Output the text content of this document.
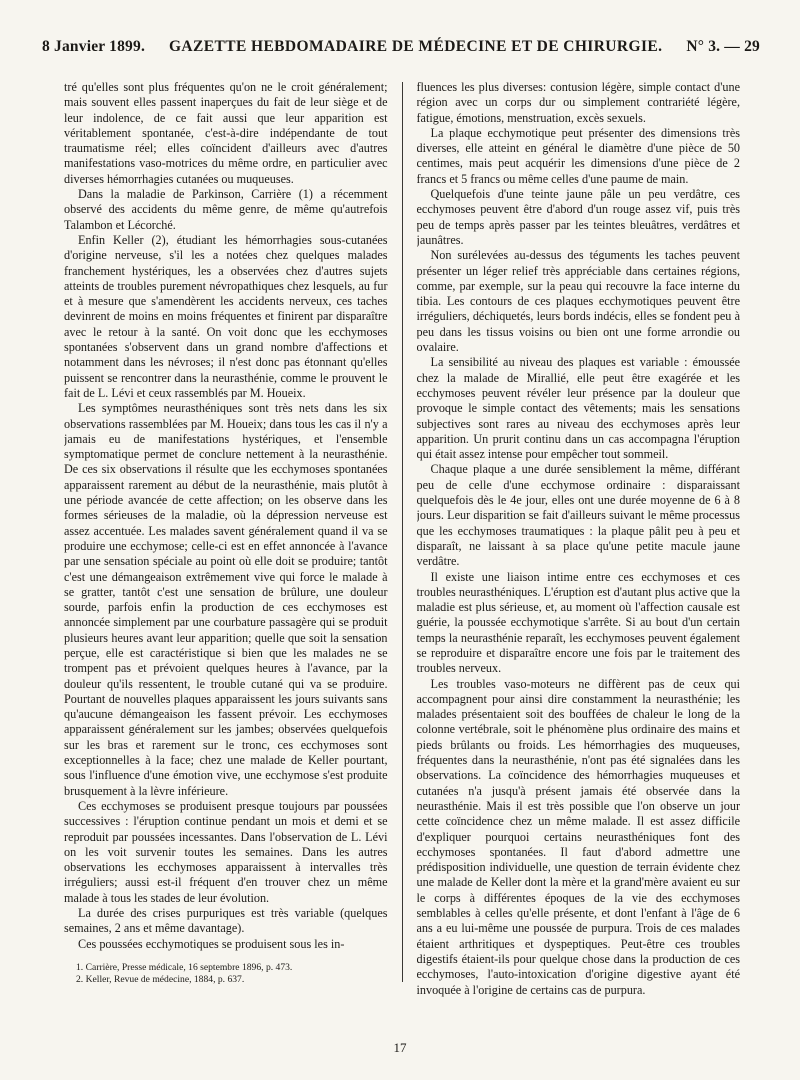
8 Janvier 1899.	GAZETTE HEBDOMADAIRE DE MÉDECINE ET DE CHIRURGIE.	N° 3. — 29

tré qu'elles sont plus fréquentes qu'on ne le croit généralement; mais souvent elles passent inaperçues du fait de leur siège et de leur indolence, de ce fait aussi que leur apparition est véritablement spontanée, c'est-à-dire indépendante de tout traumatisme réel; elles coïncident d'ailleurs avec d'autres manifestations vaso-motrices du même ordre, en particulier avec diverses hémorrhagies cutanées ou muqueuses.

Dans la maladie de Parkinson, Carrière (1) a récemment observé des accidents du même genre, de même qu'autrefois Talambon et Lécorché.

Enfin Keller (2), étudiant les hémorrhagies sous-cutanées d'origine nerveuse, s'il les a notées chez quelques malades franchement hystériques, les a observées chez d'autres sujets atteints de troubles purement névropathiques chez lesquels, au fur et à mesure que s'amendèrent les accidents nerveux, ces taches devinrent de moins en moins fréquentes et finirent par disparaître avec le retour à la santé. On voit donc que les ecchymoses spontanées s'observent dans un grand nombre d'affections et notamment dans les névroses; il n'est donc pas étonnant qu'elles puissent se rencontrer dans la neurasthénie, comme le prouvent le fait de L. Lévi et ceux rassemblés par M. Houeix.

Les symptômes neurasthéniques sont très nets dans les six observations rassemblées par M. Houeix; dans tous les cas il n'y a jamais eu de manifestations hystériques, et l'ensemble symptomatique permet de conclure nettement à la neurasthénie. De ces six observations il résulte que les ecchymoses spontanées apparaissent rarement au début de la neurasthénie, mais plutôt à une période avancée de cette affection; on les observe dans les formes sérieuses de la maladie, où la dépression nerveuse est assez accentuée. Les malades savent généralement quand il va se produire une ecchymose; celle-ci est en effet annoncée à l'avance par une sensation spéciale au point où elle doit se produire; tantôt c'est une démangeaison extrêmement vive qui force le malade à se gratter, tantôt c'est une sensation de brûlure, une douleur sourde, parfois enfin la production de ces ecchymoses est annoncée simplement par une courbature passagère qui se produit plusieurs heures avant leur apparition; quelle que soit la sensation perçue, elle est caractéristique si bien que les malades ne se trompent pas et prévoient quelques heures à l'avance, par la douleur qu'ils ressentent, le trouble cutané qui va se produire. Pourtant de nouvelles plaques apparaissent les jours suivants sans qu'aucune démangeaison les fassent prévoir. Les ecchymoses apparaissent généralement sur les jambes; observées quelquefois sur les bras et rarement sur le tronc, ces ecchymoses sont exceptionnelles à la face; chez une malade de Keller pourtant, sous l'influence d'une émotion vive, une ecchymose s'est produite brusquement à la lèvre inférieure.

Ces ecchymoses se produisent presque toujours par poussées successives : l'éruption continue pendant un mois et demi et se reproduit par poussées incessantes. Dans l'observation de L. Lévi on les voit survenir toutes les semaines. Dans les autres observations les ecchymoses apparaissent à intervalles très irréguliers; aussi est-il fréquent d'en trouver chez un même malade à tous les stades de leur évolution.

La durée des crises purpuriques est très variable (quelques semaines, 2 ans et même davantage).

Ces poussées ecchymotiques se produisent sous les in-

1. Carrière, Presse médicale, 16 septembre 1896, p. 473.
2. Keller, Revue de médecine, 1884, p. 637.

fluences les plus diverses: contusion légère, simple contact d'une région avec un corps dur ou simplement contrariété légère, fatigue, émotions, menstruation, excès sexuels.

La plaque ecchymotique peut présenter des dimensions très diverses, elle atteint en général le diamètre d'une pièce de 50 centimes, mais peut acquérir les dimensions d'une pièce de 2 francs et 5 francs ou même celles d'une paume de main.

Quelquefois d'une teinte jaune pâle un peu verdâtre, ces ecchymoses peuvent être d'abord d'un rouge assez vif, puis très peu de temps après passer par les teintes bleuâtres, verdâtres et jaunâtres.

Non surélevées au-dessus des téguments les taches peuvent présenter un léger relief très appréciable dans certaines régions, comme, par exemple, sur la peau qui recouvre la face interne du tibia. Les contours de ces plaques ecchymotiques peuvent être irréguliers, déchiquetés, leurs bords indécis, elles se fondent peu à peu dans les tissus voisins ou bien ont une forme arrondie ou ovalaire.

La sensibilité au niveau des plaques est variable : émoussée chez la malade de Mirallié, elle peut être exagérée et les ecchymoses peuvent révéler leur présence par la douleur que provoque le simple contact des vêtements; mais les sensations subjectives sont rares au niveau des ecchymoses après leur apparition. Un prurit continu dans un cas accompagna l'éruption qui était assez intense pour empêcher tout sommeil.

Chaque plaque a une durée sensiblement la même, différant peu de celle d'une ecchymose ordinaire : disparaissant quelquefois dès le 4e jour, elles ont une durée moyenne de 6 à 8 jours. Leur disparition se fait d'ailleurs suivant le même processus que les ecchymoses traumatiques : la plaque pâlit peu à peu et disparaît, ne laissant à sa place qu'une petite macule jaune verdâtre.

Il existe une liaison intime entre ces ecchymoses et ces troubles neurasthéniques. L'éruption est d'autant plus active que la maladie est plus sérieuse, et, au moment où l'affection causale est guérie, la poussée ecchymotique s'arrête. Si au bout d'un certain temps la neurasthénie reparaît, les ecchymoses peuvent également se reproduire et disparaître encore une fois par le traitement des troubles nerveux.

Les troubles vaso-moteurs ne diffèrent pas de ceux qui accompagnent pour ainsi dire constamment la neurasthénie; les malades présentaient soit des bouffées de chaleur le long de la colonne vertébrale, soit le phénomène plus ordinaire des mains et pieds brûlants ou froids. Les hémorrhagies des muqueuses, fréquentes dans la neurasthénie, n'ont pas été signalées dans les observations. La coïncidence des hémorrhagies muqueuses et cutanées n'a jusqu'à présent jamais été observée dans la neurasthénie. Mais il est très possible que l'on observe un jour cette coïncidence chez un même malade. Il est assez difficile d'expliquer pourquoi certains neurasthéniques font des ecchymoses spontanées. Il faut d'abord admettre une prédisposition individuelle, une question de terrain évidente chez une malade de Keller dont la mère et la grand'mère avaient eu sur le corps à différentes époques de la vie des ecchymoses semblables à celles qu'elle présente, et dont l'enfant à l'âge de 6 ans a eu lui-même une poussée de purpura. Trois de ces malades étaient arthritiques et dyspeptiques. Peut-être ces troubles digestifs étaient-ils pour quelque chose dans la production de ces ecchymoses, l'auto-intoxication d'origine digestive ayant été invoquée à l'origine de certains cas de purpura.

17
